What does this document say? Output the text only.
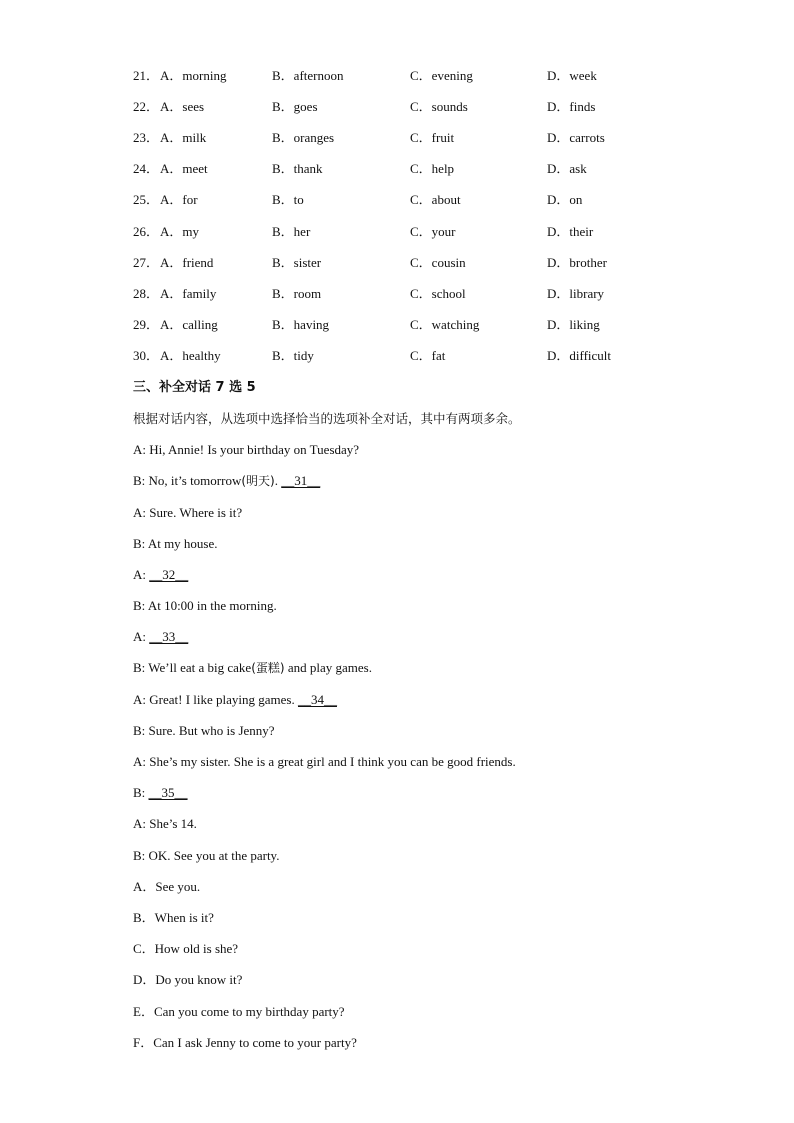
21． A．morning	B．afternoon	C．evening	D．week
22． A．sees	B．goes	C．sounds	D．finds
23． A．milk	B．oranges	C．fruit	D．carrots
24． A．meet	B．thank	C．help	D．ask
25． A．for	B．to	C．about	D．on
26． A．my	B．her	C．your	D．their
27． A．friend	B．sister	C．cousin	D．brother
28． A．family	B．room	C．school	D．library
29． A．calling	B．having	C．watching	D．liking
30． A．healthy	B．tidy	C．fat	D．difficult
三、补全对话 7 选 5
根据对话内容，从选项中选择恰当的选项补全对话，其中有两项多余。
A: Hi, Annie! Is your birthday on Tuesday?
B: No, it’s tomorrow(明天). __31__
A: Sure. Where is it?
B: At my house.
A: __32__
B: At 10:00 in the morning.
A: __33__
B: We’ll eat a big cake(蛋糕) and play games.
A: Great! I like playing games. __34__
B: Sure. But who is Jenny?
A: She’s my sister. She is a great girl and I think you can be good friends.
B: __35__
A: She’s 14.
B: OK. See you at the party.
A．See you.
B．When is it?
C．How old is she?
D．Do you know it?
E．Can you come to my birthday party?
F．Can I ask Jenny to come to your party?
